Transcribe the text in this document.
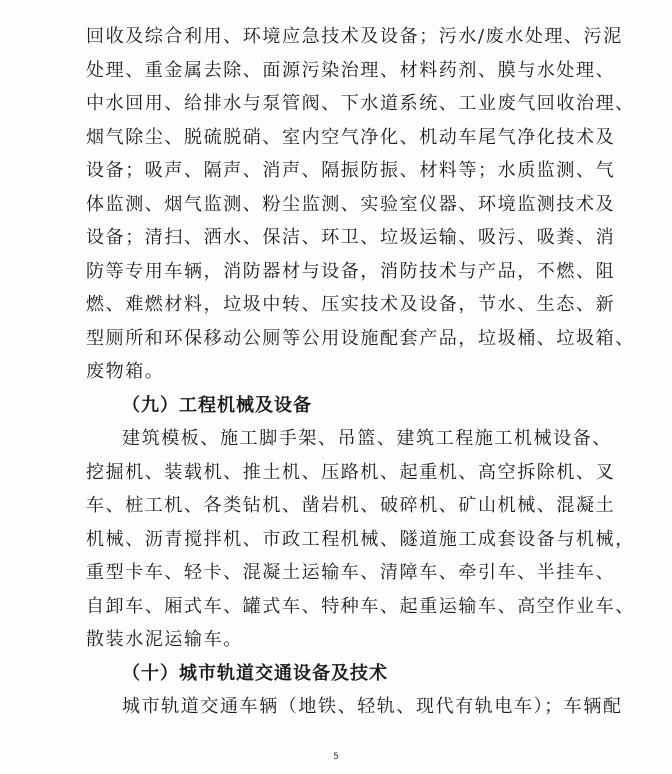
回收及综合利用、环境应急技术及设备；污水/废水处理、污泥
处理、重金属去除、面源污染治理、材料药剂、膜与水处理、
中水回用、给排水与泵管阀、下水道系统、工业废气回收治理、
烟气除尘、脱硫脱硝、室内空气净化、机动车尾气净化技术及
设备；吸声、隔声、消声、隔振防振、材料等；水质监测、气
体监测、烟气监测、粉尘监测、实验室仪器、环境监测技术及
设备；清扫、洒水、保洁、环卫、垃圾运输、吸污、吸粪、消
防等专用车辆，消防器材与设备，消防技术与产品，不燃、阻
燃、难燃材料，垃圾中转、压实技术及设备，节水、生态、新
型厕所和环保移动公厕等公用设施配套产品，垃圾桶、垃圾箱、
废物箱。
（九）工程机械及设备
建筑模板、施工脚手架、吊篮、建筑工程施工机械设备、
挖掘机、装载机、推土机、压路机、起重机、高空拆除机、叉
车、桩工机、各类钻机、凿岩机、破碎机、矿山机械、混凝土
机械、沥青搅拌机、市政工程机械、隧道施工成套设备与机械，
重型卡车、轻卡、混凝土运输车、清障车、牵引车、半挂车、
自卸车、厢式车、罐式车、特种车、起重运输车、高空作业车、
散装水泥运输车。
（十）城市轨道交通设备及技术
城市轨道交通车辆（地铁、轻轨、现代有轨电车）；车辆配
5
